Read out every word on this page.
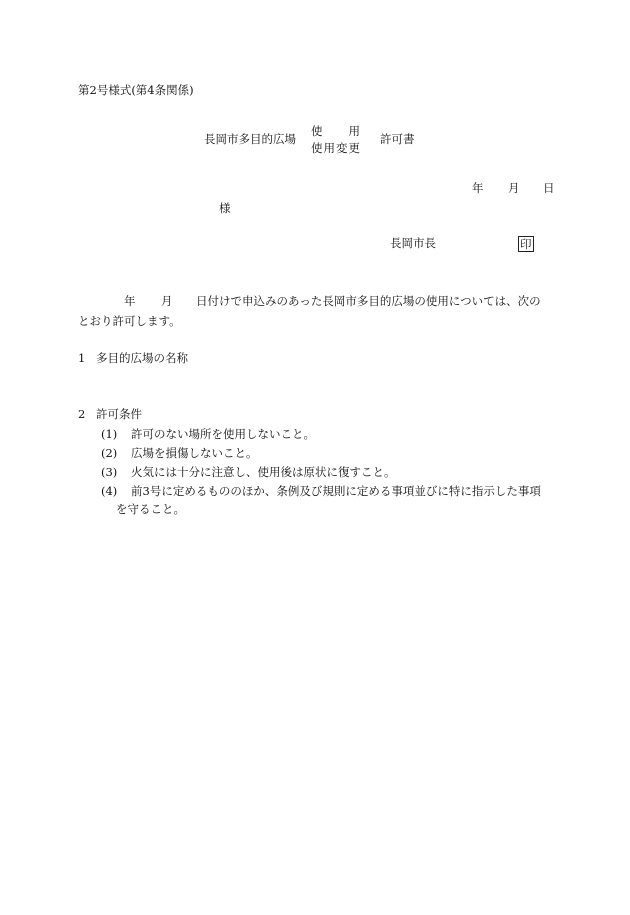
第2号様式(第4条関係)
長岡市多目的広場
使　　用
使用変更
許可書
年 月 日
様
長岡市長	印
年 月 日付けで申込みのあった長岡市多目的広場の使用については、次の
とおり許可します。
1 多目的広場の名称
2 許可条件
(1) 許可のない場所を使用しないこと。
(2) 広場を損傷しないこと。
(3) 火気には十分に注意し、使用後は原状に復すこと。
(4) 前3号に定めるもののほか、条例及び規則に定める事項並びに特に指示した事項
を守ること。
